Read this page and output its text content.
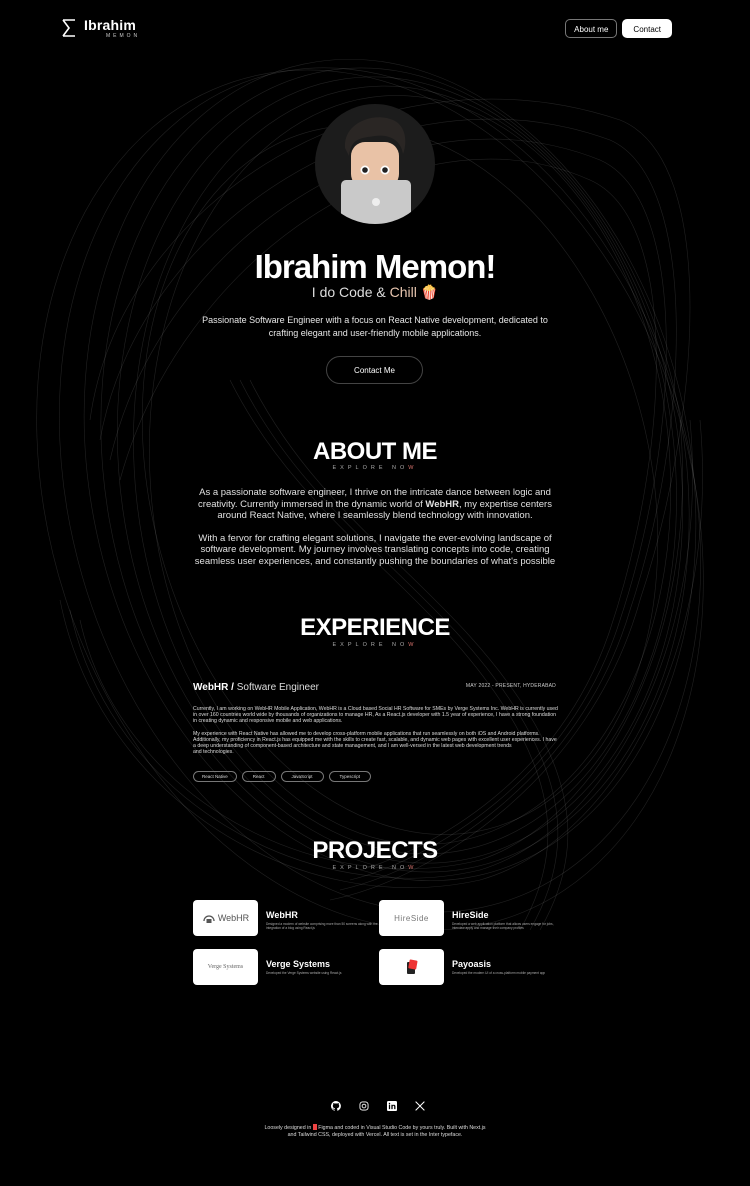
Ibrahim
MEMON
About me	Contact
Ibrahim Memon!
I do Code & Chill 🍿

Passionate Software Engineer with a focus on React Native development, dedicated to crafting elegant and user-friendly mobile applications.

Contact Me
ABOUT ME
EXPLORE NOW

As a passionate software engineer, I thrive on the intricate dance between logic and creativity. Currently immersed in the dynamic world of WebHR, my expertise centers around React Native, where I seamlessly blend technology with innovation.

With a fervor for crafting elegant solutions, I navigate the ever-evolving landscape of software development. My journey involves translating concepts into code, creating seamless user experiences, and constantly pushing the boundaries of what's possible

EXPERIENCE
EXPLORE NOW
WebHR / Software Engineer	MAY 2022 - PRESENT, HYDERABAD

Currently, I am working on WebHR Mobile Application, WebHR is a Cloud based Social HR Software for SMEs by Verge Systems Inc. WebHR is currently used in over 160 countries world wide by thousands of organizations to manage HR, As a React.js developer with 1.5 year of experience, I have a strong foundation in creating dynamic and responsive mobile and web applications.

My experience with React Native has allowed me to develop cross-platform mobile applications that run seamlessly on both iOS and Android platforms. Additionally, my proficiency in React.js has equipped me with the skills to create fast, scalable, and dynamic web pages with excellent user experiences. I have a deep understanding of component-based architecture and state management, and I am well-versed in the latest web development trends
and technologies.

React Native	React	JavaScript	Typescript
PROJECTS
EXPLORE NOW
WebHR WebHR
Designed a modern of website comprising more than 50 screens along with the integration of a blog using React.js
HireSide	HireSide
Developed a web application platform that allows users engage for jobs, interview apply and manage their company profiles
Verge Systems	Verge Systems
Developed the Verge Systems website using React.js
Payoasis
Developed the modern UI of a cross-platform mobile payment app
Loosely designed in  Figma and coded in Visual Studio Code by yours truly. Built with Next.js
and Tailwind CSS, deployed with Vercel. All text is set in the Inter typeface.
